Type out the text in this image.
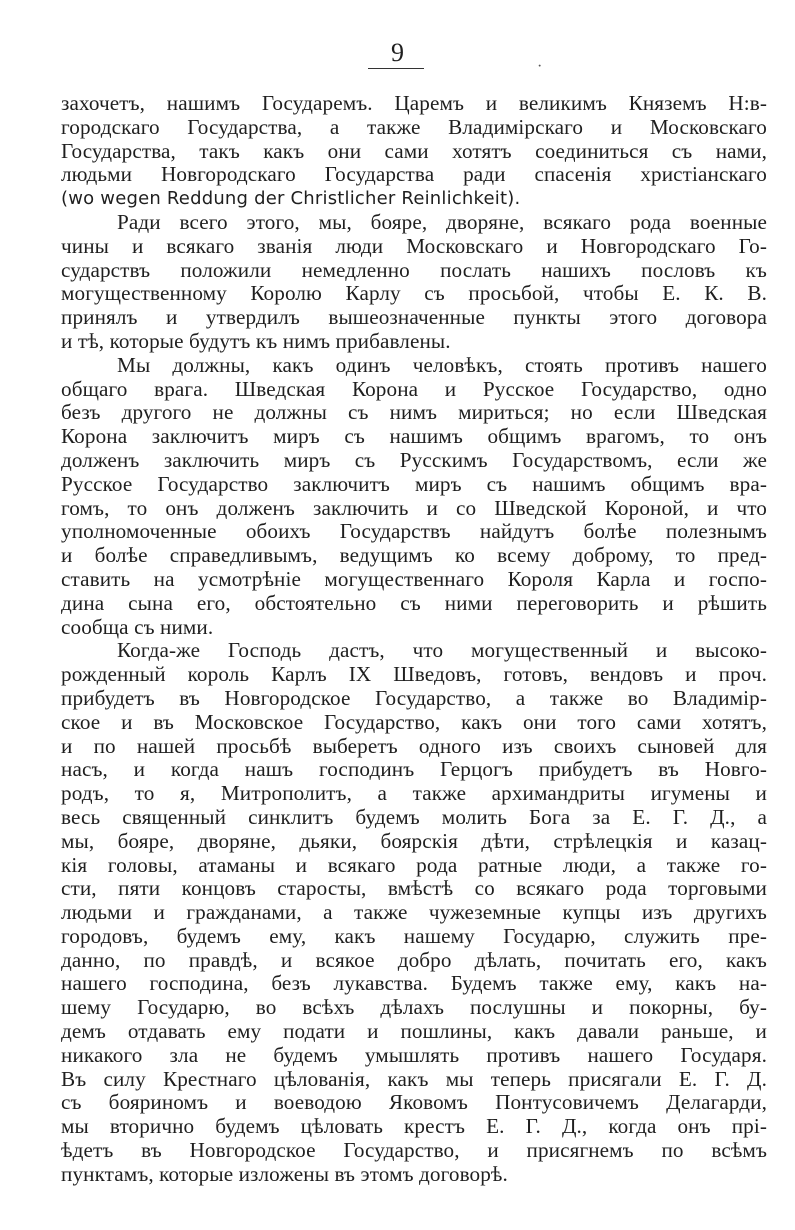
9	·
захочетъ, нашимъ Государемъ. Царемъ и великимъ Княземъ Н:в-
городскаго Государства, а также Владимірскаго и Московскаго
Государства, такъ какъ они сами хотятъ соединиться съ нами,
людьми Новгородскаго Государства ради спасенія христіанскаго
(wo wegen Reddung der Christlicher Reinlichkeit).
Ради всего этого, мы, бояре, дворяне, всякаго рода военные
чины и всякаго званія люди Московскаго и Новгородскаго Го-
сударствъ положили немедленно послать нашихъ пословъ къ
могущественному Королю Карлу съ просьбой, чтобы Е. К. В.
принялъ и утвердилъ вышеозначенные пункты этого договора
и тѣ, которые будутъ къ нимъ прибавлены.
Мы должны, какъ одинъ человѣкъ, стоять противъ нашего
общаго врага. Шведская Корона и Русское Государство, одно
безъ другого не должны съ нимъ мириться; но если Шведская
Корона заключитъ миръ съ нашимъ общимъ врагомъ, то онъ
долженъ заключить миръ съ Русскимъ Государствомъ, если же
Русское Государство заключитъ миръ съ нашимъ общимъ вра-
гомъ, то онъ долженъ заключить и со Шведской Короной, и что
уполномоченные обоихъ Государствъ найдутъ болѣе полезнымъ
и болѣе справедливымъ, ведущимъ ко всему доброму, то пред-
ставить на усмотрѣніе могущественнаго Короля Карла и госпо-
дина сына его, обстоятельно съ ними переговорить и рѣшить
сообща съ ними.
Когда-же Господь дастъ, что могущественный и высоко-
рожденный король Карлъ IX Шведовъ, готовъ, вендовъ и проч.
прибудетъ въ Новгородское Государство, а также во Владимір-
ское и въ Московское Государство, какъ они того сами хотятъ,
и по нашей просьбѣ выберетъ одного изъ своихъ сыновей для
насъ, и когда нашъ господинъ Герцогъ прибудетъ въ Новго-
родъ, то я, Митрополитъ, а также архимандриты игумены и
весь священный синклитъ будемъ молить Бога за Е. Г. Д., а
мы, бояре, дворяне, дьяки, боярскія дѣти, стрѣлецкія и казац-
кія головы, атаманы и всякаго рода ратные люди, а также го-
сти, пяти концовъ старосты, вмѣстѣ со всякаго рода торговыми
людьми и гражданами, а также чужеземные купцы изъ другихъ
городовъ, будемъ ему, какъ нашему Государю, служить пре-
данно, по правдѣ, и всякое добро дѣлать, почитать его, какъ
нашего господина, безъ лукавства. Будемъ также ему, какъ на-
шему Государю, во всѣхъ дѣлахъ послушны и покорны, бу-
демъ отдавать ему подати и пошлины, какъ давали раньше, и
никакого зла не будемъ умышлять противъ нашего Государя.
Въ силу Крестнаго цѣлованія, какъ мы теперь присягали Е. Г. Д.
съ бояриномъ и воеводою Яковомъ Понтусовичемъ Делагарди,
мы вторично будемъ цѣловать крестъ Е. Г. Д., когда онъ прі-
ѣдетъ въ Новгородское Государство, и присягнемъ по всѣмъ
пунктамъ, которые изложены въ этомъ договорѣ.
